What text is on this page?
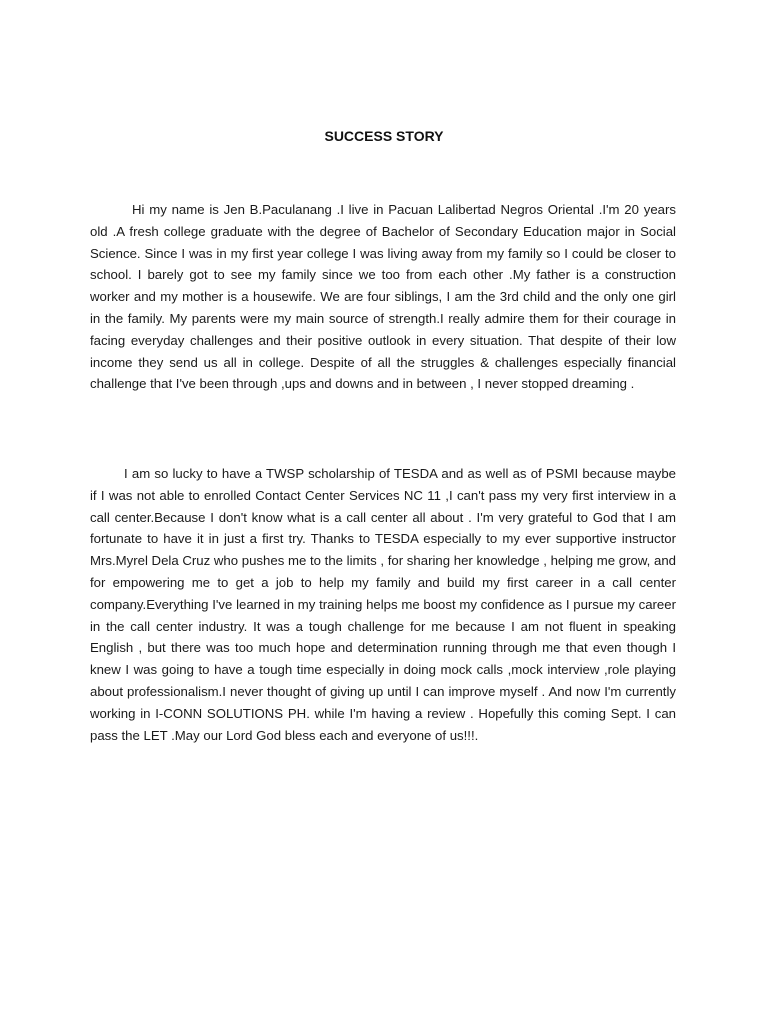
SUCCESS STORY

Hi my name is Jen B.Paculanang .I live in Pacuan Lalibertad Negros Oriental .I'm 20 years old .A fresh college graduate with the degree of Bachelor of Secondary Education major in Social Science. Since I was in my first year college I was living away from my family so I could be closer to school. I barely got to see my family since we too from each other .My father is a construction worker and my mother is a housewife. We are four siblings, I am the 3rd child and the only one girl in the family. My parents were my main source of strength.I really admire them for their courage in facing everyday challenges and their positive outlook in every situation. That despite of their low income they send us all in college. Despite of all the struggles & challenges especially financial challenge that I've been through ,ups and downs and in between , I never stopped dreaming .

I am so lucky to have a TWSP scholarship of TESDA and as well as of PSMI because maybe if I was not able to enrolled Contact Center Services NC 11 ,I can't pass my very first interview in a call center.Because I don't know what is a call center all about . I'm very grateful to God that I am fortunate to have it in just a first try. Thanks to TESDA especially to my ever supportive instructor Mrs.Myrel Dela Cruz who pushes me to the limits , for sharing her knowledge , helping me grow, and for empowering me to get a job to help my family and build my first career in a call center company.Everything I've learned in my training helps me boost my confidence as I pursue my career in the call center industry. It was a tough challenge for me because I am not fluent in speaking English , but there was too much hope and determination running through me that even though I knew I was going to have a tough time especially in doing mock calls ,mock interview ,role playing about professionalism.I never thought of giving up until I can improve myself . And now I'm currently working in I-CONN SOLUTIONS PH. while I'm having a review . Hopefully this coming Sept. I can pass the LET .May our Lord God bless each and everyone of us!!!.
